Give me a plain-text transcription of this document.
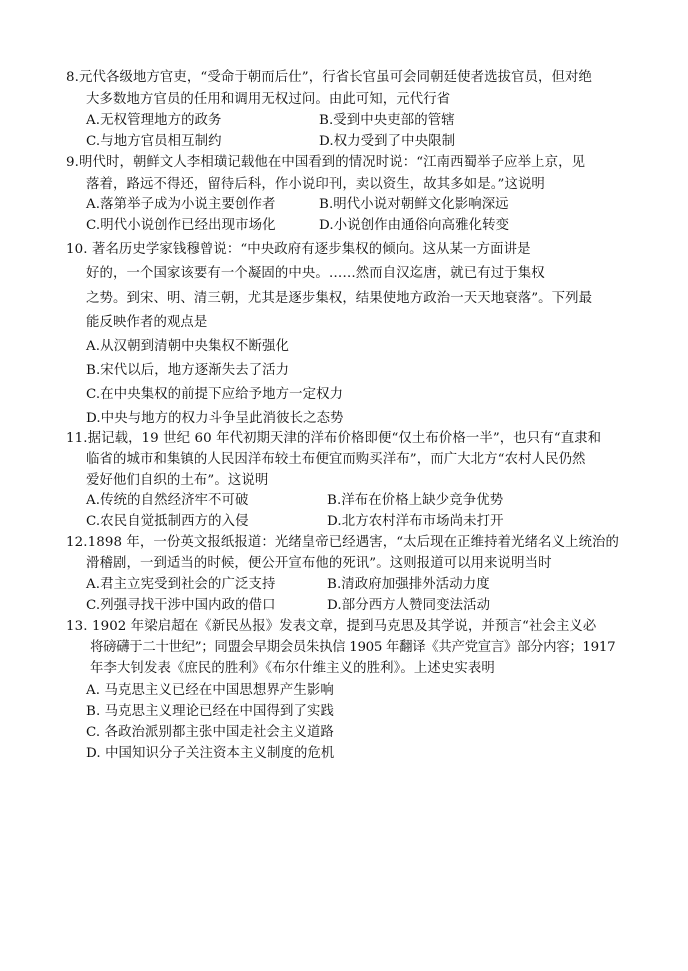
8.元代各级地方官吏，“受命于朝而后仕”，行省长官虽可会同朝廷使者选拔官员，但对绝
大多数地方官员的任用和调用无权过问。由此可知，元代行省
A.无权管理地方的政务	B.受到中央吏部的管辖
C.与地方官员相互制约	D.权力受到了中央限制
9.明代时，朝鲜文人李相璜记载他在中国看到的情况时说：“江南西蜀举子应举上京，见
落着，路远不得还，留待后科，作小说印刊，卖以资生，故其多如是。”这说明
A.落第举子成为小说主要创作者	B.明代小说对朝鲜文化影响深远
C.明代小说创作已经出现市场化	D.小说创作由通俗向高雅化转变
10. 著名历史学家钱穆曾说：“中央政府有逐步集权的倾向。这从某一方面讲是
好的，一个国家该要有一个凝固的中央。……然而自汉迄唐，就已有过于集权
之势。到宋、明、清三朝，尤其是逐步集权，结果使地方政治一天天地衰落”。下列最
能反映作者的观点是
A.从汉朝到清朝中央集权不断强化
B.宋代以后，地方逐渐失去了活力
C.在中央集权的前提下应给予地方一定权力
D.中央与地方的权力斗争呈此消彼长之态势
11.据记载，19 世纪 60 年代初期天津的洋布价格即便“仅土布价格一半”，也只有“直隶和
临省的城市和集镇的人民因洋布较土布便宜而购买洋布”，而广大北方“农村人民仍然
爱好他们自织的土布”。这说明
A.传统的自然经济牢不可破	B.洋布在价格上缺少竞争优势
C.农民自觉抵制西方的入侵	D.北方农村洋布市场尚未打开
12.1898 年，一份英文报纸报道：光绪皇帝已经遇害，“太后现在正维持着光绪名义上统治的
滑稽剧，一到适当的时候，便公开宣布他的死讯”。这则报道可以用来说明当时
A.君主立宪受到社会的广泛支持	B.清政府加强排外活动力度
C.列强寻找干涉中国内政的借口	D.部分西方人赞同变法活动
13. 1902 年梁启超在《新民丛报》发表文章，提到马克思及其学说，并预言“社会主义必
将磅礴于二十世纪”；同盟会早期会员朱执信 1905 年翻译《共产党宣言》部分内容；1917
年李大钊发表《庶民的胜利》《布尔什维主义的胜利》。上述史实表明
A. 马克思主义已经在中国思想界产生影响
B. 马克思主义理论已经在中国得到了实践
C. 各政治派别都主张中国走社会主义道路
D. 中国知识分子关注资本主义制度的危机
